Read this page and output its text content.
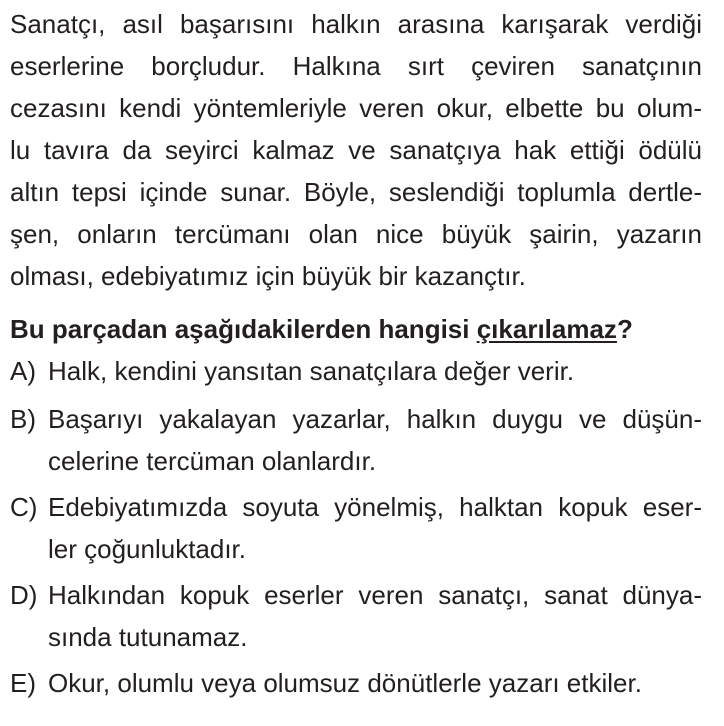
Sanatçı, asıl başarısını halkın arasına karışarak verdiği
eserlerine borçludur. Halkına sırt çeviren sanatçının
cezasını kendi yöntemleriyle veren okur, elbette bu olum-
lu tavıra da seyirci kalmaz ve sanatçıya hak ettiği ödülü
altın tepsi içinde sunar. Böyle, seslendiği toplumla dertle-
şen, onların tercümanı olan nice büyük şairin, yazarın
olması, edebiyatımız için büyük bir kazançtır.
Bu parçadan aşağıdakilerden hangisi çıkarılamaz?
A) Halk, kendini yansıtan sanatçılara değer verir.
B) Başarıyı yakalayan yazarlar, halkın duygu ve düşün-
celerine tercüman olanlardır.
C) Edebiyatımızda soyuta yönelmiş, halktan kopuk eser-
ler çoğunluktadır.
D) Halkından kopuk eserler veren sanatçı, sanat dünya-
sında tutunamaz.
E) Okur, olumlu veya olumsuz dönütlerle yazarı etkiler.
